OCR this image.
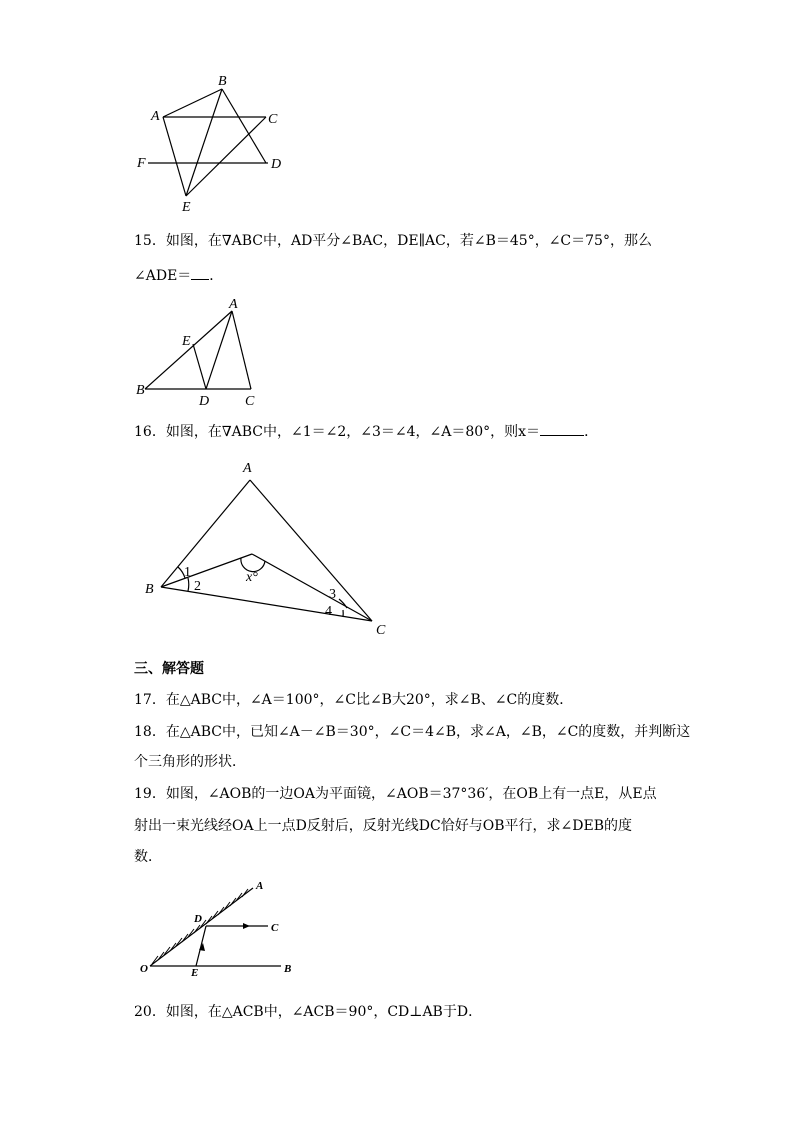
B
A	C
F	D
E
15．如图，在∇ABC中，AD平分∠BAC，DE∥AC，若∠B＝45°，∠C＝75°，那么
∠ADE＝ ．
A
E
B
D	C
16．如图，在∇ABC中，∠1＝∠2，∠3＝∠4，∠A＝80°，则x＝	．
A
B
C
1
2
3
4
x°
三、解答题
17．在△ABC中，∠A＝100°，∠C比∠B大20°，求∠B、∠C的度数．
18．在△ABC中，已知∠A－∠B＝30°，∠C＝4∠B，求∠A，∠B，∠C的度数，并判断这
个三角形的形状．
19．如图，∠AOB的一边OA为平面镜，∠AOB＝37°36′，在OB上有一点E，从E点
射出一束光线经OA上一点D反射后，反射光线DC恰好与OB平行，求∠DEB的度
数．
A
D
C
O	E	B
20．如图，在△ACB中，∠ACB＝90°，CD⊥AB于D．
